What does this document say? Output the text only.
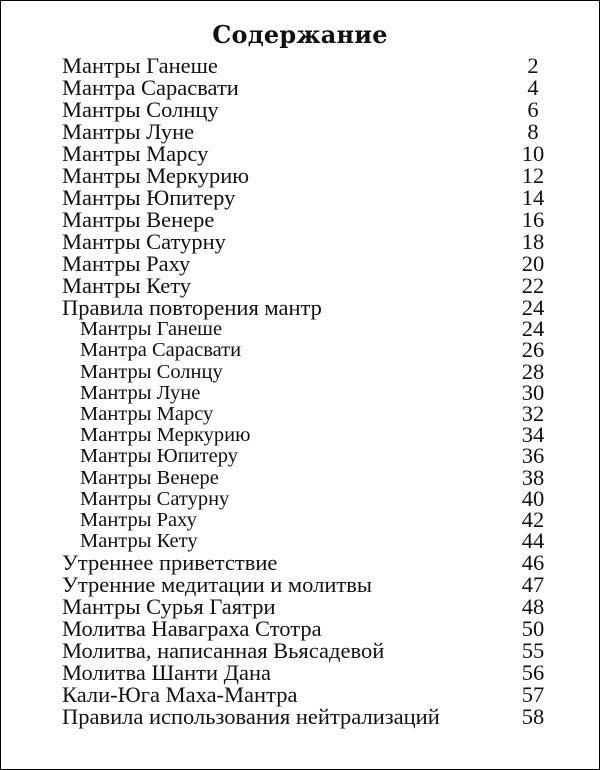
Содержание
Мантры Ганеше	2
Мантра Сарасвати	4
Мантры Солнцу	6
Мантры Луне	8
Мантры Марсу	10
Мантры Меркурию	12
Мантры Юпитеру	14
Мантры Венере	16
Мантры Сатурну	18
Мантры Раху	20
Мантры Кету	22
Правила повторения мантр	24
Мантры Ганеше	24
Мантра Сарасвати	26
Мантры Солнцу	28
Мантры Луне	30
Мантры Марсу	32
Мантры Меркурию	34
Мантры Юпитеру	36
Мантры Венере	38
Мантры Сатурну	40
Мантры Раху	42
Мантры Кету	44
Утреннее приветствие	46
Утренние медитации и молитвы	47
Мантры Сурья Гаятри	48
Молитва Наваграха Стотра	50
Молитва, написанная Вьясадевой	55
Молитва Шанти Дана	56
Кали-Юга Маха-Мантра	57
Правила использования нейтрализаций	58
